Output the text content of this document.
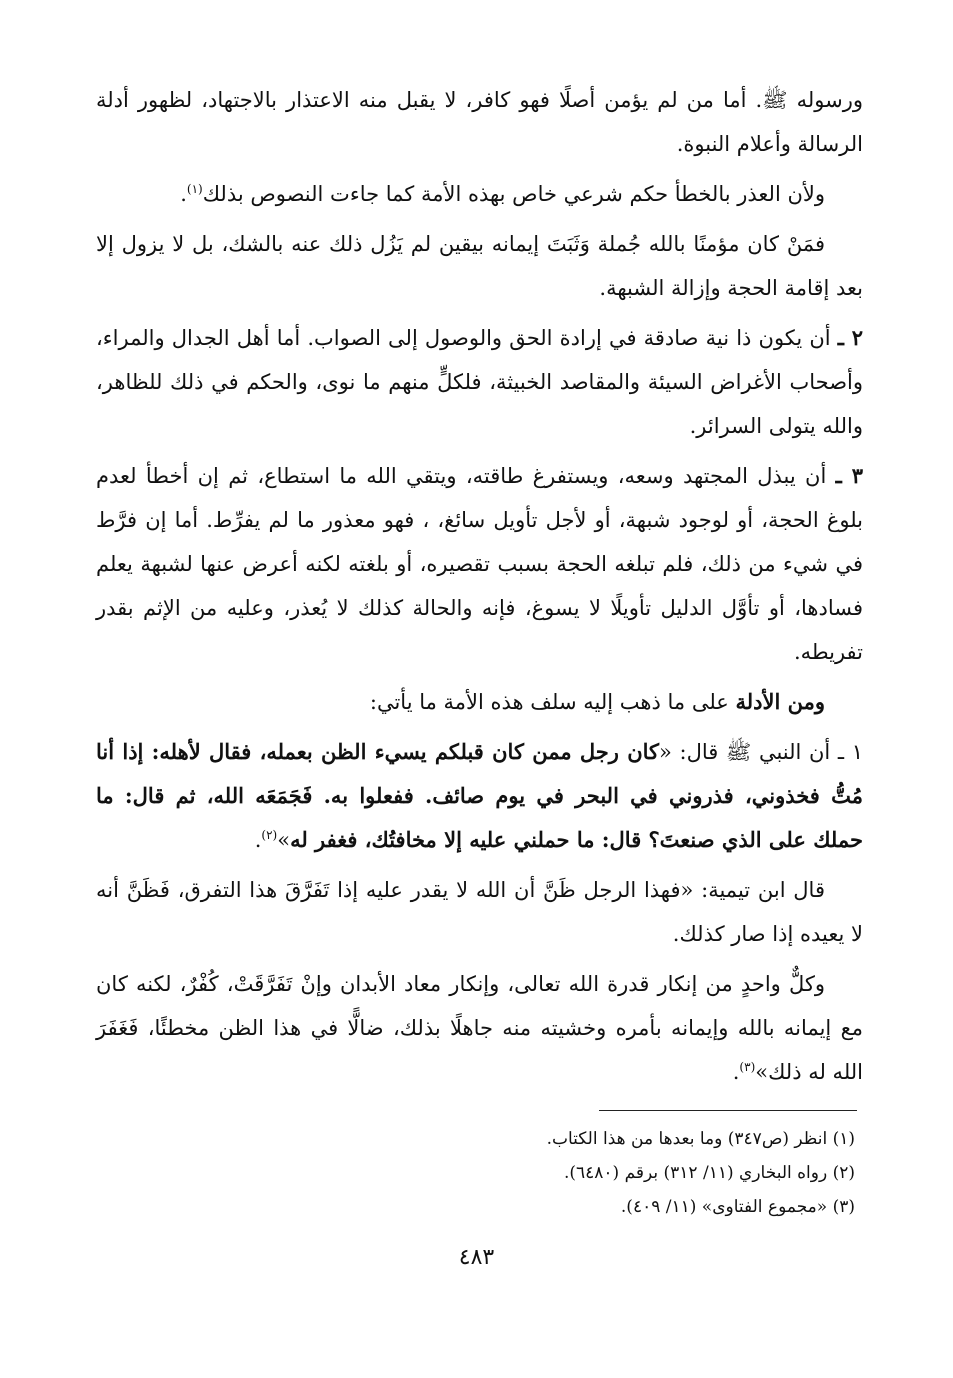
ورسوله ﷺ. أما من لم يؤمن أصلًا فهو كافر، لا يقبل منه الاعتذار بالاجتهاد، لظهور أدلة الرسالة وأعلام النبوة.

ولأن العذر بالخطأ حكم شرعي خاص بهذه الأمة كما جاءت النصوص بذلك$^{(١)}$.

فمَنْ كان مؤمنًا بالله جُملة وَثَبَتَ إيمانه بيقين لم يَزُل ذلك عنه بالشك، بل لا يزول إلا بعد إقامة الحجة وإزالة الشبهة.

٢ ـ أن يكون ذا نية صادقة في إرادة الحق والوصول إلى الصواب. أما أهل الجدال والمراء، وأصحاب الأغراض السيئة والمقاصد الخبيثة، فلكلٍّ منهم ما نوى، والحكم في ذلك للظاهر، والله يتولى السرائر.

٣ ـ أن يبذل المجتهد وسعه، ويستفرغ طاقته، ويتقي الله ما استطاع، ثم إن أخطأ لعدم بلوغ الحجة، أو لوجود شبهة، أو لأجل تأويل سائغ، ، فهو معذور ما لم يفرِّط. أما إن فرَّط في شيء من ذلك، فلم تبلغه الحجة بسبب تقصيره، أو بلغته لكنه أعرض عنها لشبهة يعلم فسادها، أو تأوَّل الدليل تأويلًا لا يسوغ، فإنه والحالة كذلك لا يُعذر، وعليه من الإثم بقدر تفريطه.

ومن الأدلة على ما ذهب إليه سلف هذه الأمة ما يأتي:

١ ـ أن النبي ﷺ قال: «كان رجل ممن كان قبلكم يسيء الظن بعمله، فقال لأهله: إذا أنا مُتُّ فخذوني، فذروني في البحر في يوم صائف. ففعلوا به. فَجَمَعَه الله، ثم قال: ما حملك على الذي صنعتَ؟ قال: ما حملني عليه إلا مخافتُك، فغفر له»$^{(٢)}$.

قال ابن تيمية: «فهذا الرجل ظَنَّ أن الله لا يقدر عليه إذا تَفَرَّقَ هذا التفرق، فَظَنَّ أنه لا يعيده إذا صار كذلك.

وكلٌّ واحدٍ من إنكار قدرة الله تعالى، وإنكار معاد الأبدان وإنْ تَفَرَّقَتْ، كُفْرٌ، لكنه كان مع إيمانه بالله وإيمانه بأمره وخشيته منه جاهلًا بذلك، ضالًّا في هذا الظن مخطئًا، فَغَفَرَ الله له ذلك»$^{(٣)}$.

(١) انظر (ص٣٤٧) وما بعدها من هذا الكتاب.
(٢) رواه البخاري (١١/ ٣١٢) برقم (٦٤٨٠).
(٣) «مجموع الفتاوى» (١١/ ٤٠٩).
٤٨٣
